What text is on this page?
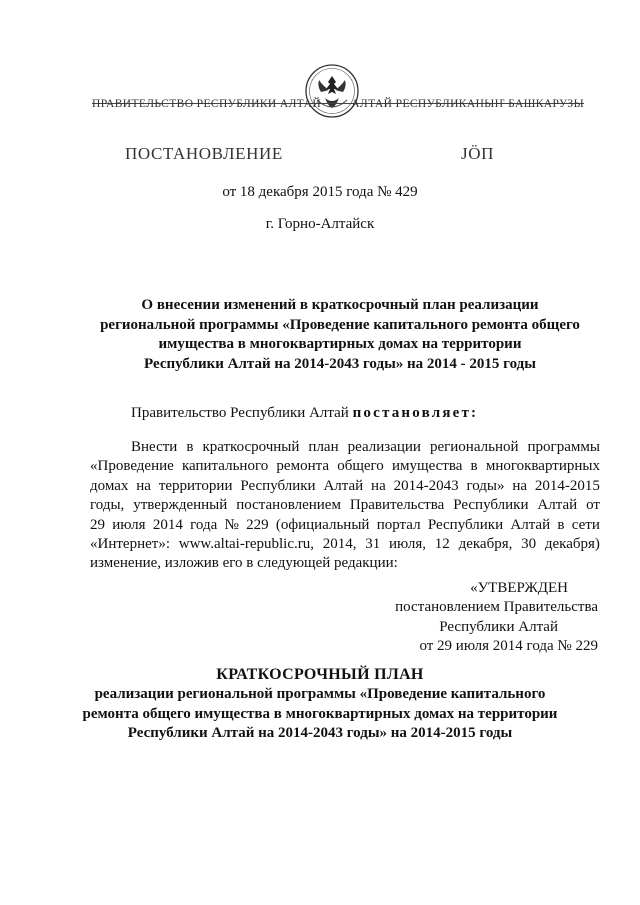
ПРАВИТЕЛЬСТВО РЕСПУБЛИКИ АЛТАЙ	АЛТАЙ РЕСПУБЛИКАНЫҤ БАШКАРУЗЫ
ПОСТАНОВЛЕНИЕ	ЈӦП
от 18 декабря 2015 года № 429
г. Горно-Алтайск
О внесении изменений в краткосрочный план реализации
региональной программы «Проведение капитального ремонта общего
имущества в многоквартирных домах на территории
Республики Алтай на 2014-2043 годы» на 2014 - 2015 годы
Правительство Республики Алтай постановляет:
Внести в краткосрочный план реализации региональной программы
«Проведение капитального ремонта общего имущества в многоквартирных
домах на территории Республики Алтай на 2014-2043 годы» на 2014-2015
годы, утвержденный постановлением Правительства Республики Алтай от
29 июля 2014 года № 229 (официальный портал Республики Алтай в сети
«Интернет»: www.altai-republic.ru, 2014, 31 июля, 12 декабря, 30 декабря)
изменение, изложив его в следующей редакции:
«УТВЕРЖДЕН
постановлением Правительства
Республики Алтай
от 29 июля 2014 года № 229
КРАТКОСРОЧНЫЙ ПЛАН
реализации региональной программы «Проведение капитального
ремонта общего имущества в многоквартирных домах на территории
Республики Алтай на 2014-2043 годы» на 2014-2015 годы
